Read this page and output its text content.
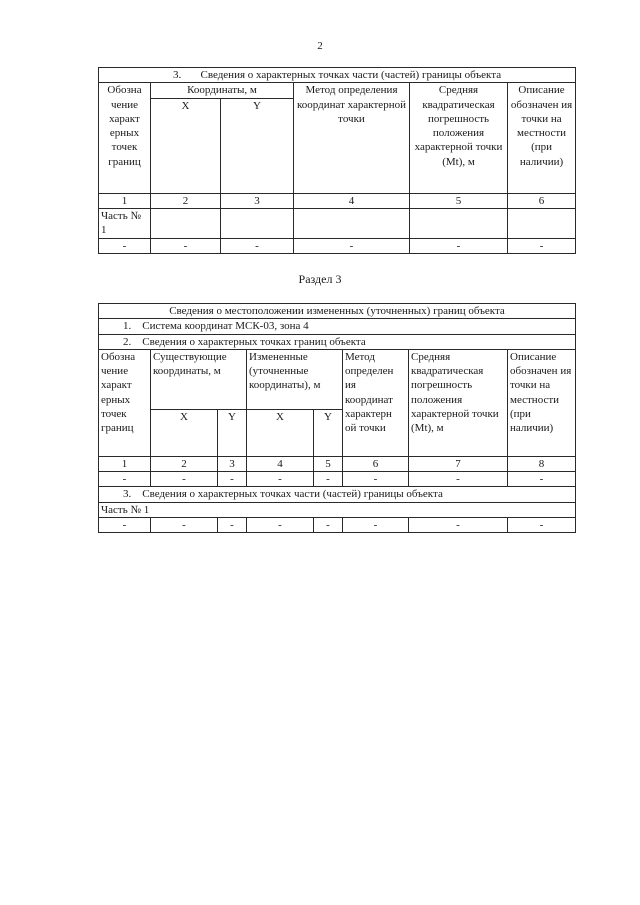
2
3.       Сведения о характерных точках части (частей) границы объекта					
Обозна чение характ ерных точек границ	Координаты, м		Метод определения координат характерной точки	Средняя квадратическая погрешность положения характерной точки (Mt), м	Описание обозначен ия точки на местности (при наличии)
	X	Y			
1	2	3	4	5	6
Часть № 1					
-	-	-	-	-	-
Раздел 3
Сведения о местоположении измененных (уточненных) границ объекта							
1.    Система координат МСК-03, зона 4							
2.    Сведения о характерных точках границ объекта							
Обозна чение характ ерных точек границ	Существующие координаты, м		Измененные (уточненные координаты), м		Метод определен ия координат характерн ой точки	Средняя квадратическая погрешность положения характерной точки (Mt), м	Описание обозначен ия точки на местности (при наличии)
	X	Y	X	Y			
1	2	3	4	5	6	7	8
-	-	-	-	-	-	-	-
3.    Сведения о характерных точках части (частей) границы объекта							
Часть № 1							
-	-	-	-	-	-	-	-
